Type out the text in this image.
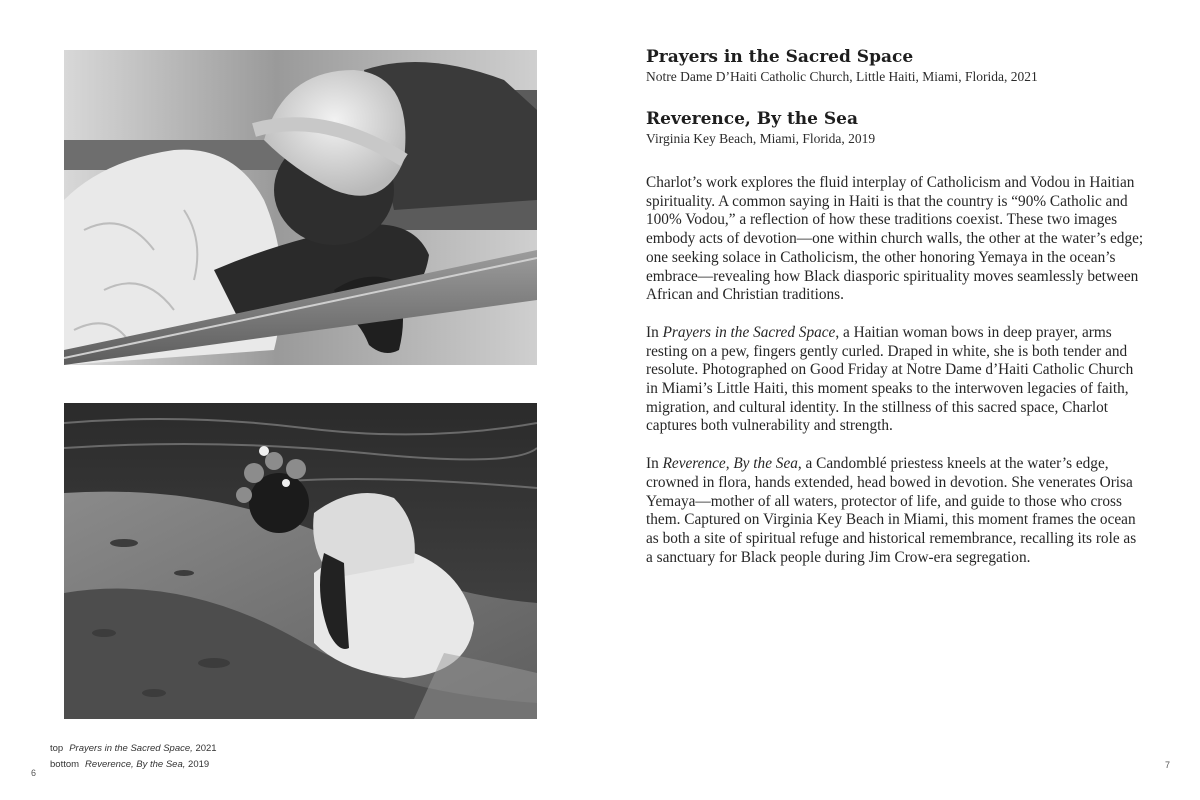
top Prayers in the Sacred Space, 2021
bottom Reverence, By the Sea, 2019
6
7
Prayers in the Sacred Space
Notre Dame D’Haiti Catholic Church, Little Haiti, Miami, Florida, 2021
Reverence, By the Sea
Virginia Key Beach, Miami, Florida, 2019

Charlot’s work explores the fluid interplay of Catholicism and Vodou in Haitian spirituality. A common saying in Haiti is that the country is “90% Catholic and 100% Vodou,” a reflection of how these traditions coexist. These two images embody acts of devotion—one within church walls, the other at the water’s edge; one seeking solace in Catholicism, the other honoring Yemaya in the ocean’s embrace—revealing how Black diasporic spirituality moves seamlessly between African and Christian traditions.

In Prayers in the Sacred Space, a Haitian woman bows in deep prayer, arms resting on a pew, fingers gently curled. Draped in white, she is both tender and resolute. Photographed on Good Friday at Notre Dame d’Haiti Catholic Church in Miami’s Little Haiti, this moment speaks to the interwoven legacies of faith, migration, and cultural identity. In the stillness of this sacred space, Charlot captures both vulnerability and strength.

In Reverence, By the Sea, a Candomblé priestess kneels at the water’s edge, crowned in flora, hands extended, head bowed in devotion. She venerates Orisa Yemaya—mother of all waters, protector of life, and guide to those who cross them. Captured on Virginia Key Beach in Miami, this moment frames the ocean as both a site of spiritual refuge and historical remembrance, recalling its role as a sanctuary for Black people during Jim Crow-era segregation.
